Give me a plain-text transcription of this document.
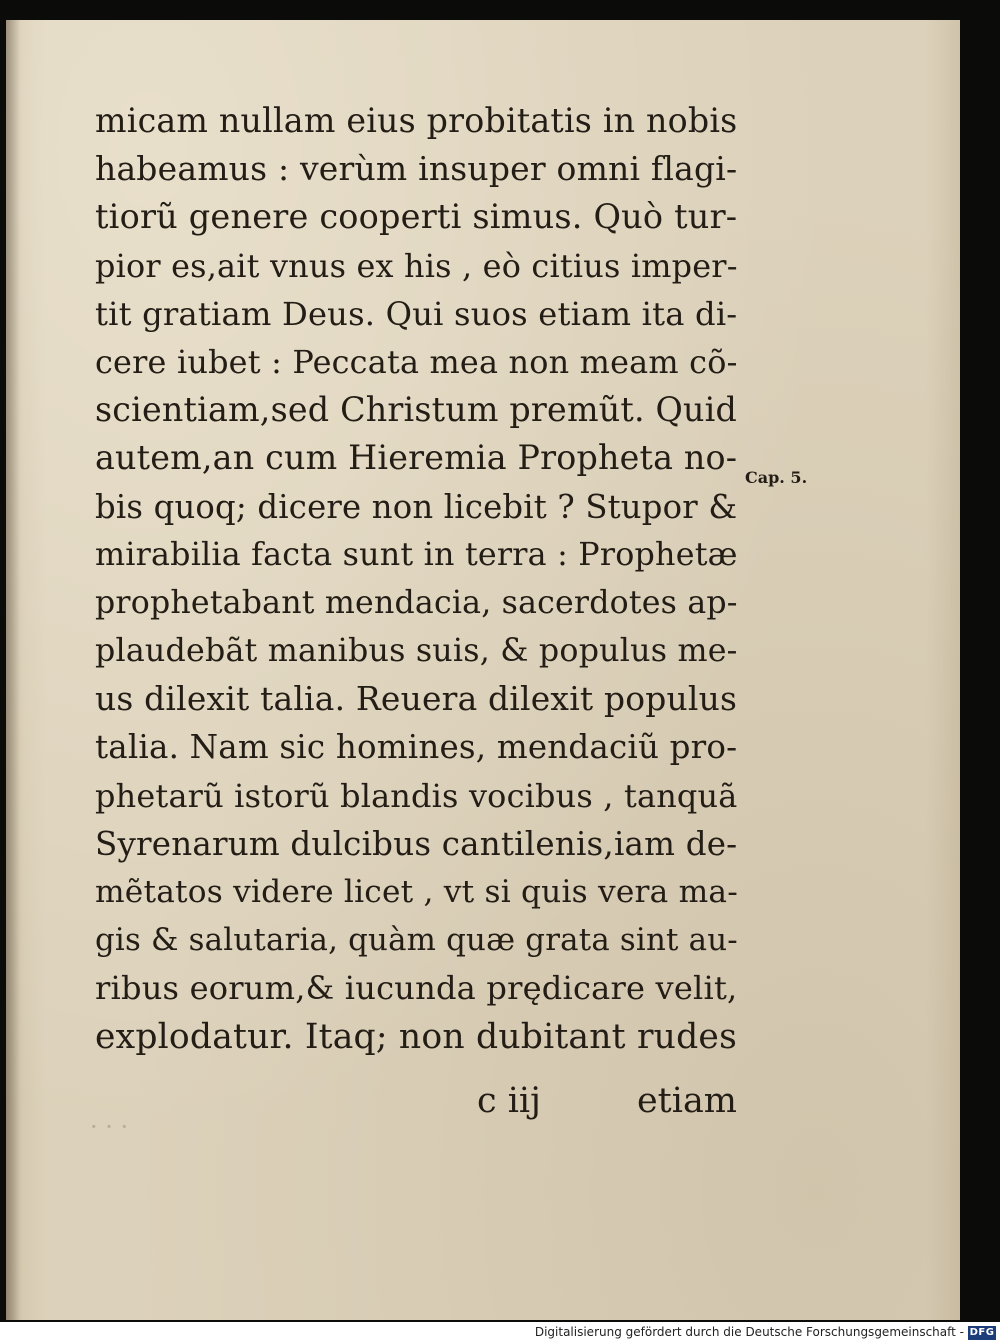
· · ·
micam nullam eius probitatis in nobis
habeamus : verùm insuper omni flagi-
tiorũ genere cooperti simus. Quò tur-
pior es,ait vnus ex his , eò citius imper-
tit gratiam Deus. Qui suos etiam ita di-
cere iubet : Peccata mea non meam cõ-
scientiam,sed Christum premũt. Quid
autem,an cum Hieremia Propheta no-
bis quoq; dicere non licebit ? Stupor &
mirabilia facta sunt in terra : Prophetæ
prophetabant mendacia, sacerdotes ap-
plaudebãt manibus suis, & populus me-
us dilexit talia. Reuera dilexit populus
talia. Nam sic homines, mendaciũ pro-
phetarũ istorũ blandis vocibus , tanquã
Syrenarum dulcibus cantilenis,iam de-
mẽtatos videre licet , vt si quis vera ma-
gis & salutaria, quàm quæ grata sint au-
ribus eorum,& iucunda prędicare velit,
explodatur. Itaq; non dubitant rudes
Cap. 5.
c iij	etiam
Digitalisierung gefördert durch die Deutsche Forschungsgemeinschaft - DFG
